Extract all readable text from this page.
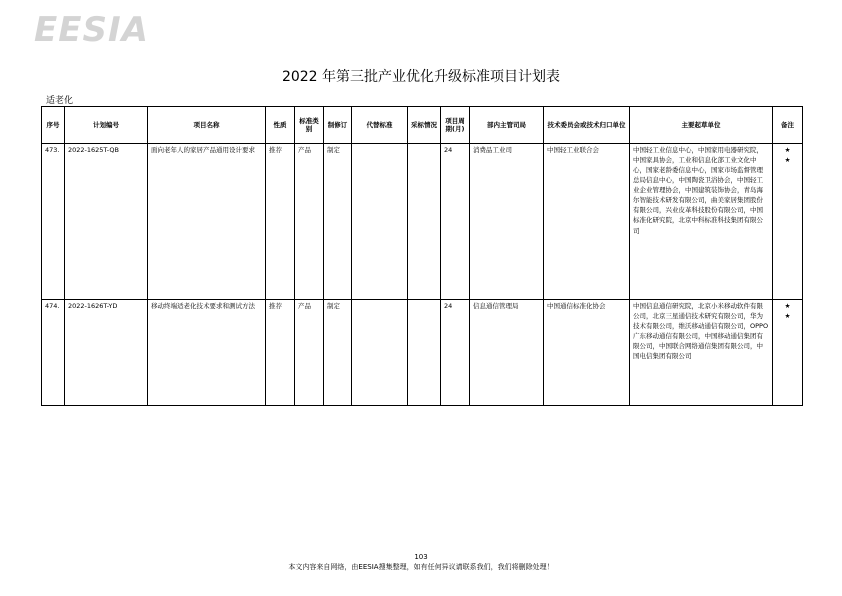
EESIA
2022 年第三批产业优化升级标准项目计划表
适老化
序号	计划编号	项目名称	性质	标准类别	制修订	代替标准	采标情况	项目周期(月)	部内主管司局	技术委员会或技术归口单位	主要起草单位	备注
473.	2022-1625T-QB	面向老年人的家居产品通用设计要求	推荐	产品	制定			24	消费品工业司	中国轻工业联合会	中国轻工业信息中心，中国家用电器研究院，中国家具协会，工业和信息化部工业文化中心，国家老龄委信息中心，国家市场监督管理总局信息中心，中国陶瓷卫浴协会，中国轻工业企业管理协会，中国建筑装饰协会，青岛海尔智能技术研发有限公司，曲美家居集团股份有限公司，兴业皮革科技股份有限公司，中国标准化研究院，北京中科标准科技集团有限公司	★
★
474.	2022-1626T-YD	移动终端适老化技术要求和测试方法	推荐	产品	制定			24	信息通信管理局	中国通信标准化协会	中国信息通信研究院，北京小米移动软件有限公司，北京三星通信技术研究有限公司，华为技术有限公司，维沃移动通信有限公司，OPPO 广东移动通信有限公司，中国移动通信集团有限公司，中国联合网络通信集团有限公司，中国电信集团有限公司	★
★
103
本文内容来自网络，由EESIA搜集整理，如有任何异议请联系我们，我们将删除处理！
